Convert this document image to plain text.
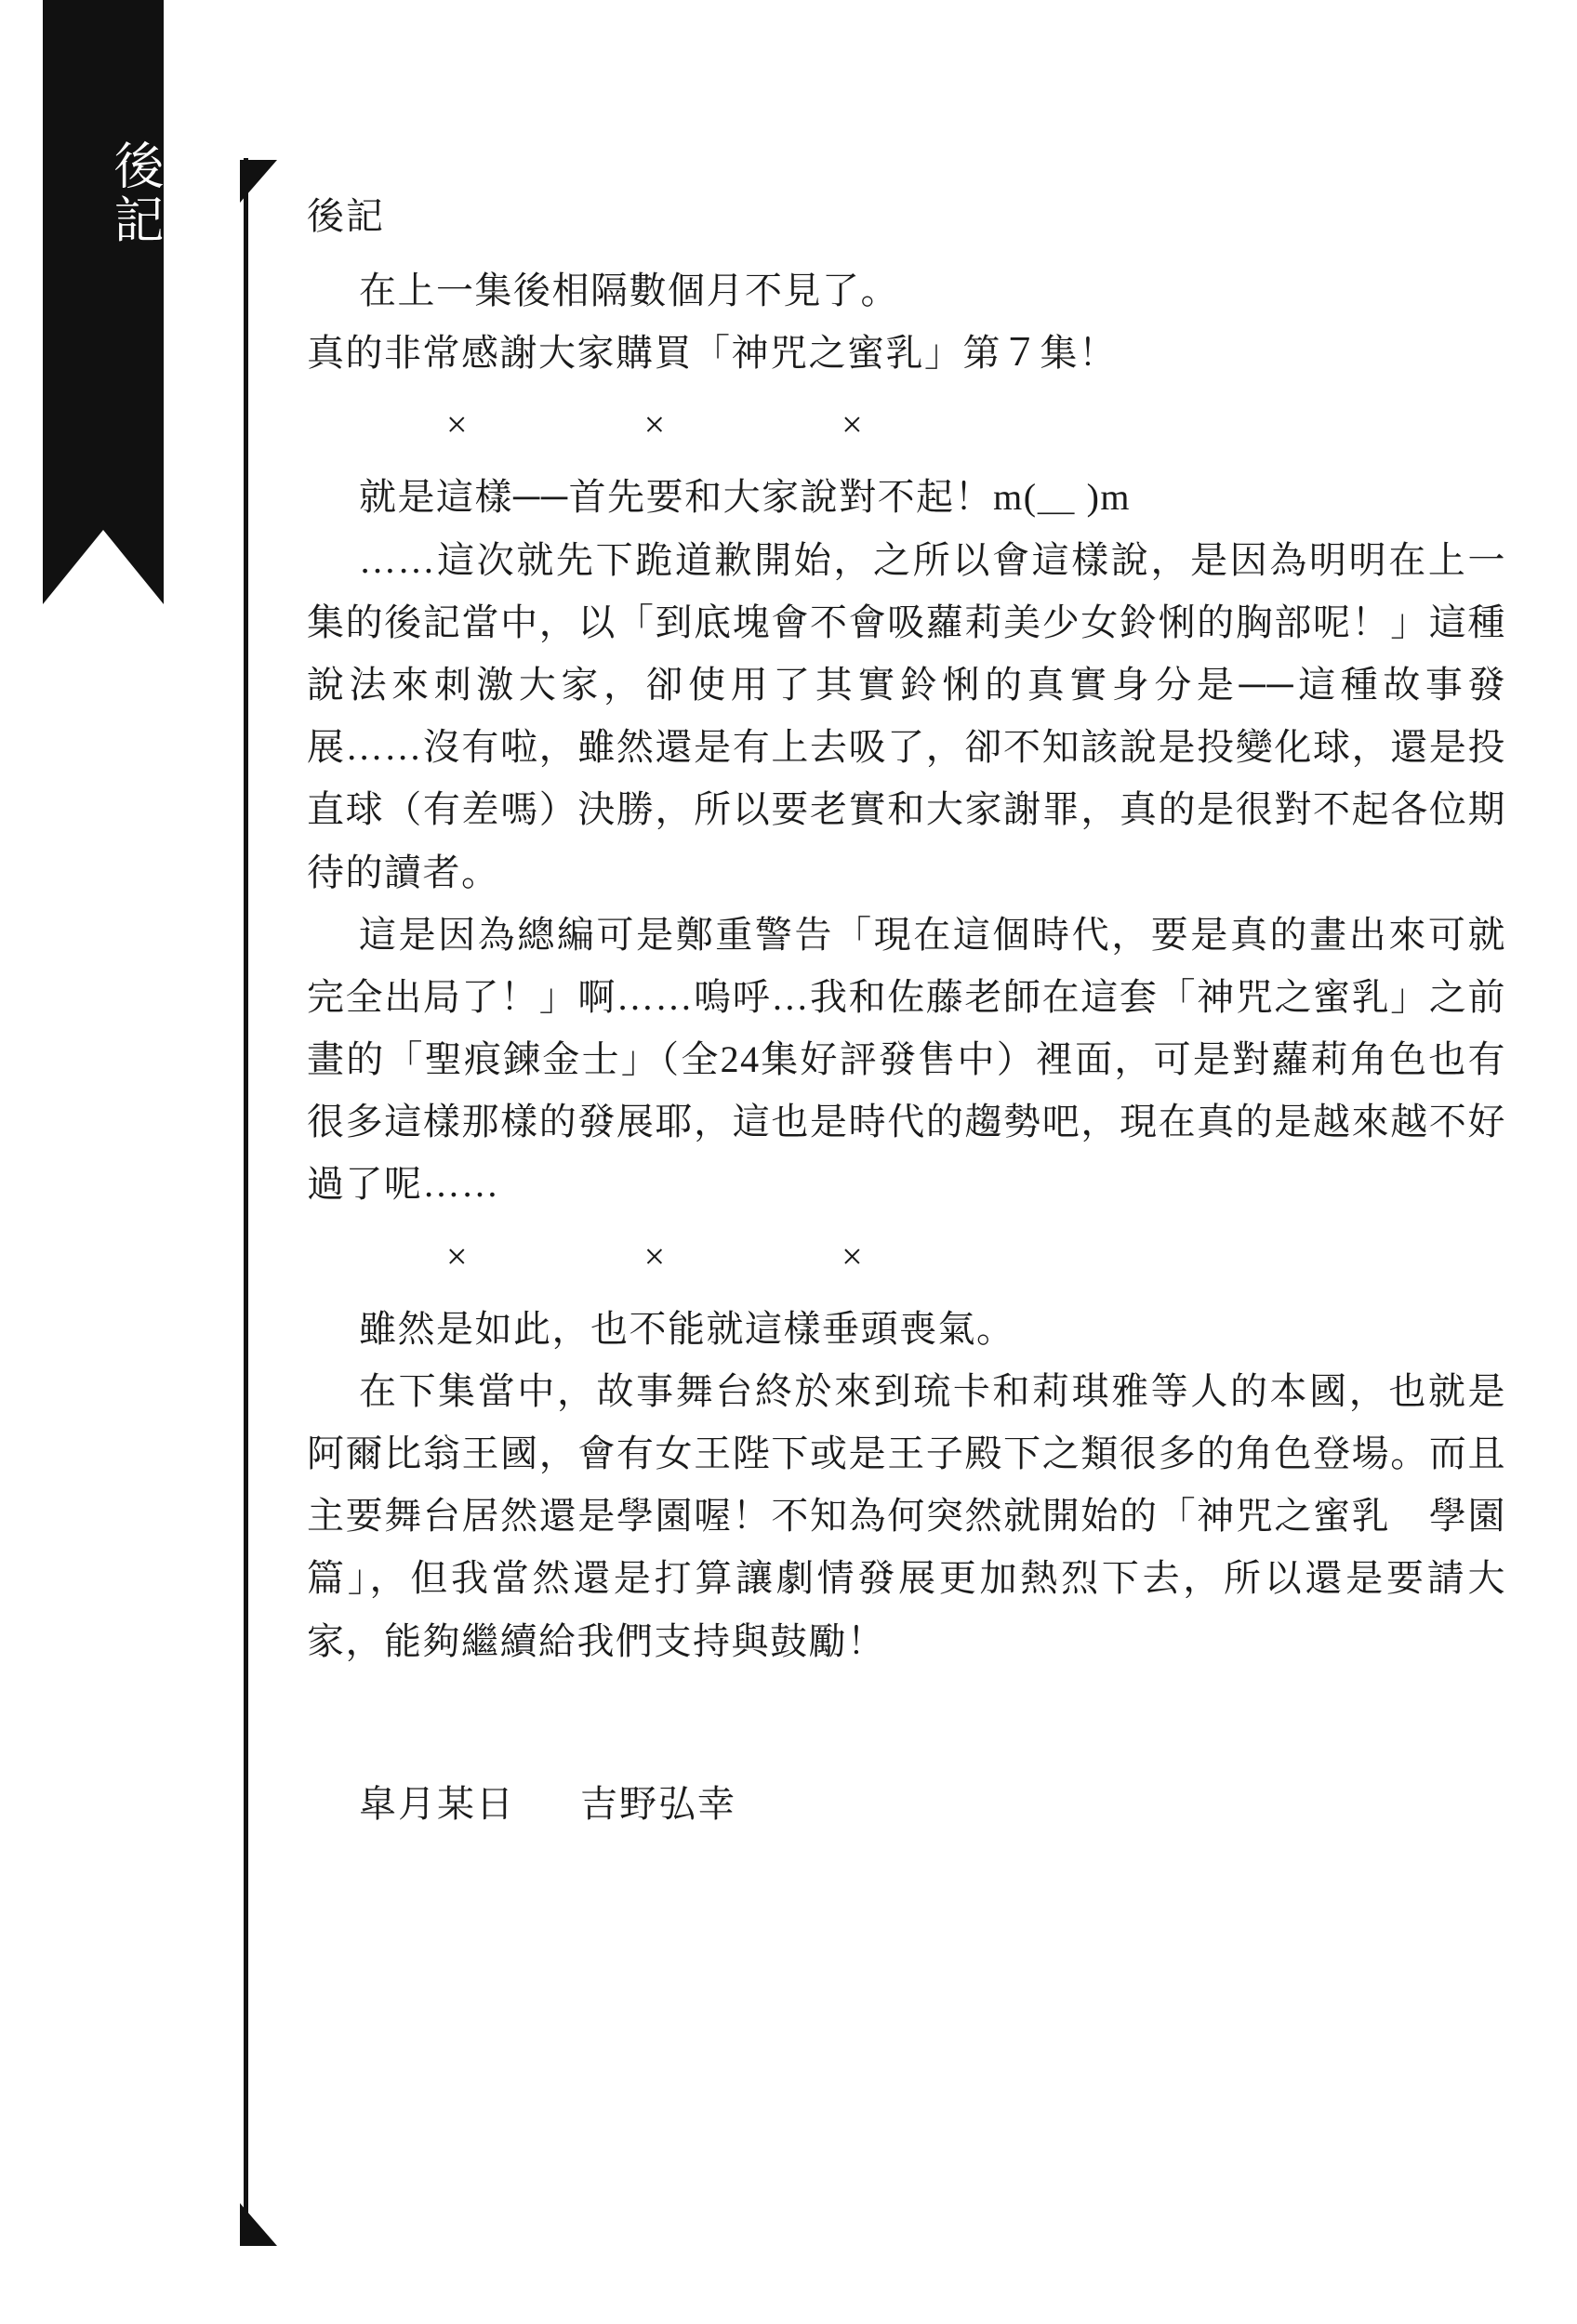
後記	後記

在上一集後相隔數個月不見了。

真的非常感謝大家購買「神咒之蜜乳」第７集！

×	×	×

就是這樣──首先要和大家說對不起！m(＿ )m

……這次就先下跪道歉開始，之所以會這樣說，是因為明明在上一集的後記當中，以「到底塊會不會吸蘿莉美少女鈴悧的胸部呢！」這種說法來刺激大家，卻使用了其實鈴悧的真實身分是──這種故事發展……沒有啦，雖然還是有上去吸了，卻不知該說是投變化球，還是投直球（有差嗎）決勝，所以要老實和大家謝罪，真的是很對不起各位期待的讀者。

這是因為總編可是鄭重警告「現在這個時代，要是真的畫出來可就完全出局了！」啊……嗚呼…我和佐藤老師在這套「神咒之蜜乳」之前畫的「聖痕鍊金士」（全24集好評發售中）裡面，可是對蘿莉角色也有很多這樣那樣的發展耶，這也是時代的趨勢吧，現在真的是越來越不好過了呢……

×	×	×

雖然是如此，也不能就這樣垂頭喪氣。

在下集當中，故事舞台終於來到琉卡和莉琪雅等人的本國，也就是阿爾比翁王國，會有女王陛下或是王子殿下之類很多的角色登場。而且主要舞台居然還是學園喔！不知為何突然就開始的「神咒之蜜乳　學園篇」，但我當然還是打算讓劇情發展更加熱烈下去，所以還是要請大家，能夠繼續給我們支持與鼓勵！

皐月某日 吉野弘幸
